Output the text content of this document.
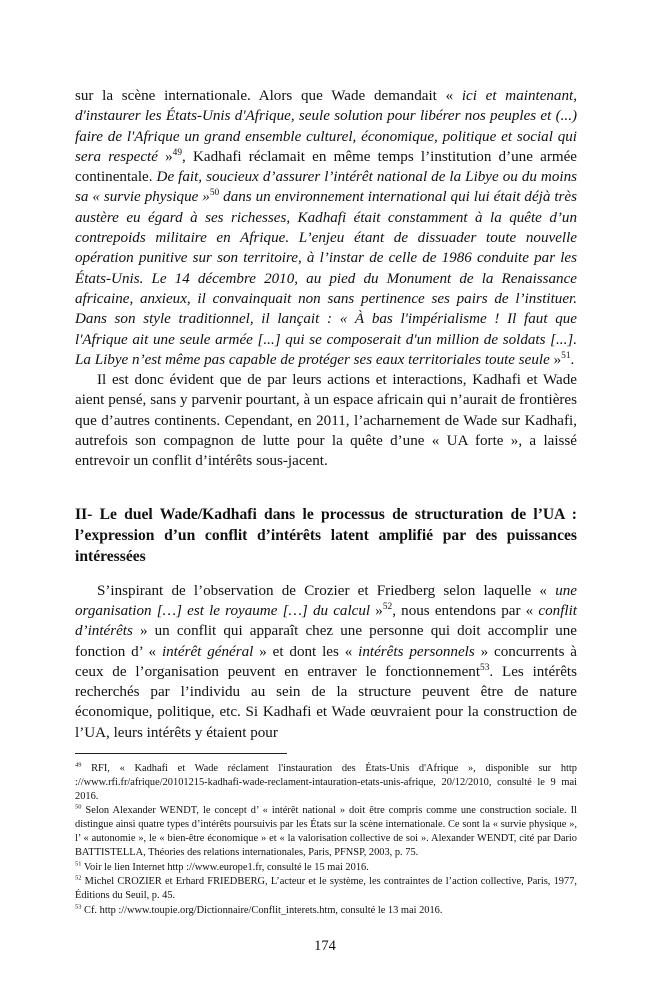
sur la scène internationale. Alors que Wade demandait « ici et maintenant, d'instaurer les États-Unis d'Afrique, seule solution pour libérer nos peuples et (...) faire de l'Afrique un grand ensemble culturel, économique, politique et social qui sera respecté »$^{49}$, Kadhafi réclamait en même temps l’institution d’une armée continentale. De fait, soucieux d’assurer l’intérêt national de la Libye ou du moins sa « survie physique »$^{50}$ dans un environnement international qui lui était déjà très austère eu égard à ses richesses, Kadhafi était constamment à la quête d’un contrepoids militaire en Afrique. L’enjeu étant de dissuader toute nouvelle opération punitive sur son territoire, à l’instar de celle de 1986 conduite par les États-Unis. Le 14 décembre 2010, au pied du Monument de la Renaissance africaine, anxieux, il convainquait non sans pertinence ses pairs de l’instituer. Dans son style traditionnel, il lançait : « À bas l'impérialisme ! Il faut que l'Afrique ait une seule armée [...] qui se composerait d'un million de soldats [...]. La Libye n’est même pas capable de protéger ses eaux territoriales toute seule »$^{51}$.

Il est donc évident que de par leurs actions et interactions, Kadhafi et Wade aient pensé, sans y parvenir pourtant, à un espace africain qui n’aurait de frontières que d’autres continents. Cependant, en 2011, l’acharnement de Wade sur Kadhafi, autrefois son compagnon de lutte pour la quête d’une « UA forte », a laissé entrevoir un conflit d’intérêts sous-jacent.

II- Le duel Wade/Kadhafi dans le processus de structuration de l’UA : l’expression d’un conflit d’intérêts latent amplifié par des puissances intéressées

S’inspirant de l’observation de Crozier et Friedberg selon laquelle « une organisation […] est le royaume […] du calcul »$^{52}$, nous entendons par « conflit d’intérêts » un conflit qui apparaît chez une personne qui doit accomplir une fonction d’ « intérêt général » et dont les « intérêts personnels » concurrents à ceux de l’organisation peuvent en entraver le fonctionnement$^{53}$. Les intérêts recherchés par l’individu au sein de la structure peuvent être de nature économique, politique, etc. Si Kadhafi et Wade œuvraient pour la construction de l’UA, leurs intérêts y étaient pour

$^{49}$ RFI, « Kadhafi et Wade réclament l'instauration des États-Unis d'Afrique », disponible sur http ://www.rfi.fr/afrique/20101215-kadhafi-wade-reclament-intauration-etats-unis-afrique, 20/12/2010, consulté le 9 mai 2016.

$^{50}$ Selon Alexander WENDT, le concept d’ « intérêt national » doit être compris comme une construction sociale. Il distingue ainsi quatre types d’intérêts poursuivis par les États sur la scène internationale. Ce sont la « survie physique », l’ « autonomie », le « bien-être économique » et « la valorisation collective de soi ». Alexander WENDT, cité par Dario BATTISTELLA, Théories des relations internationales, Paris, PFNSP, 2003, p. 75.

$^{51}$ Voir le lien Internet http ://www.europe1.fr, consulté le 15 mai 2016.

$^{52}$ Michel CROZIER et Erhard FRIEDBERG, L’acteur et le système, les contraintes de l’action collective, Paris, 1977, Éditions du Seuil, p. 45.

$^{53}$ Cf. http ://www.toupie.org/Dictionnaire/Conflit_interets.htm, consulté le 13 mai 2016.

174
